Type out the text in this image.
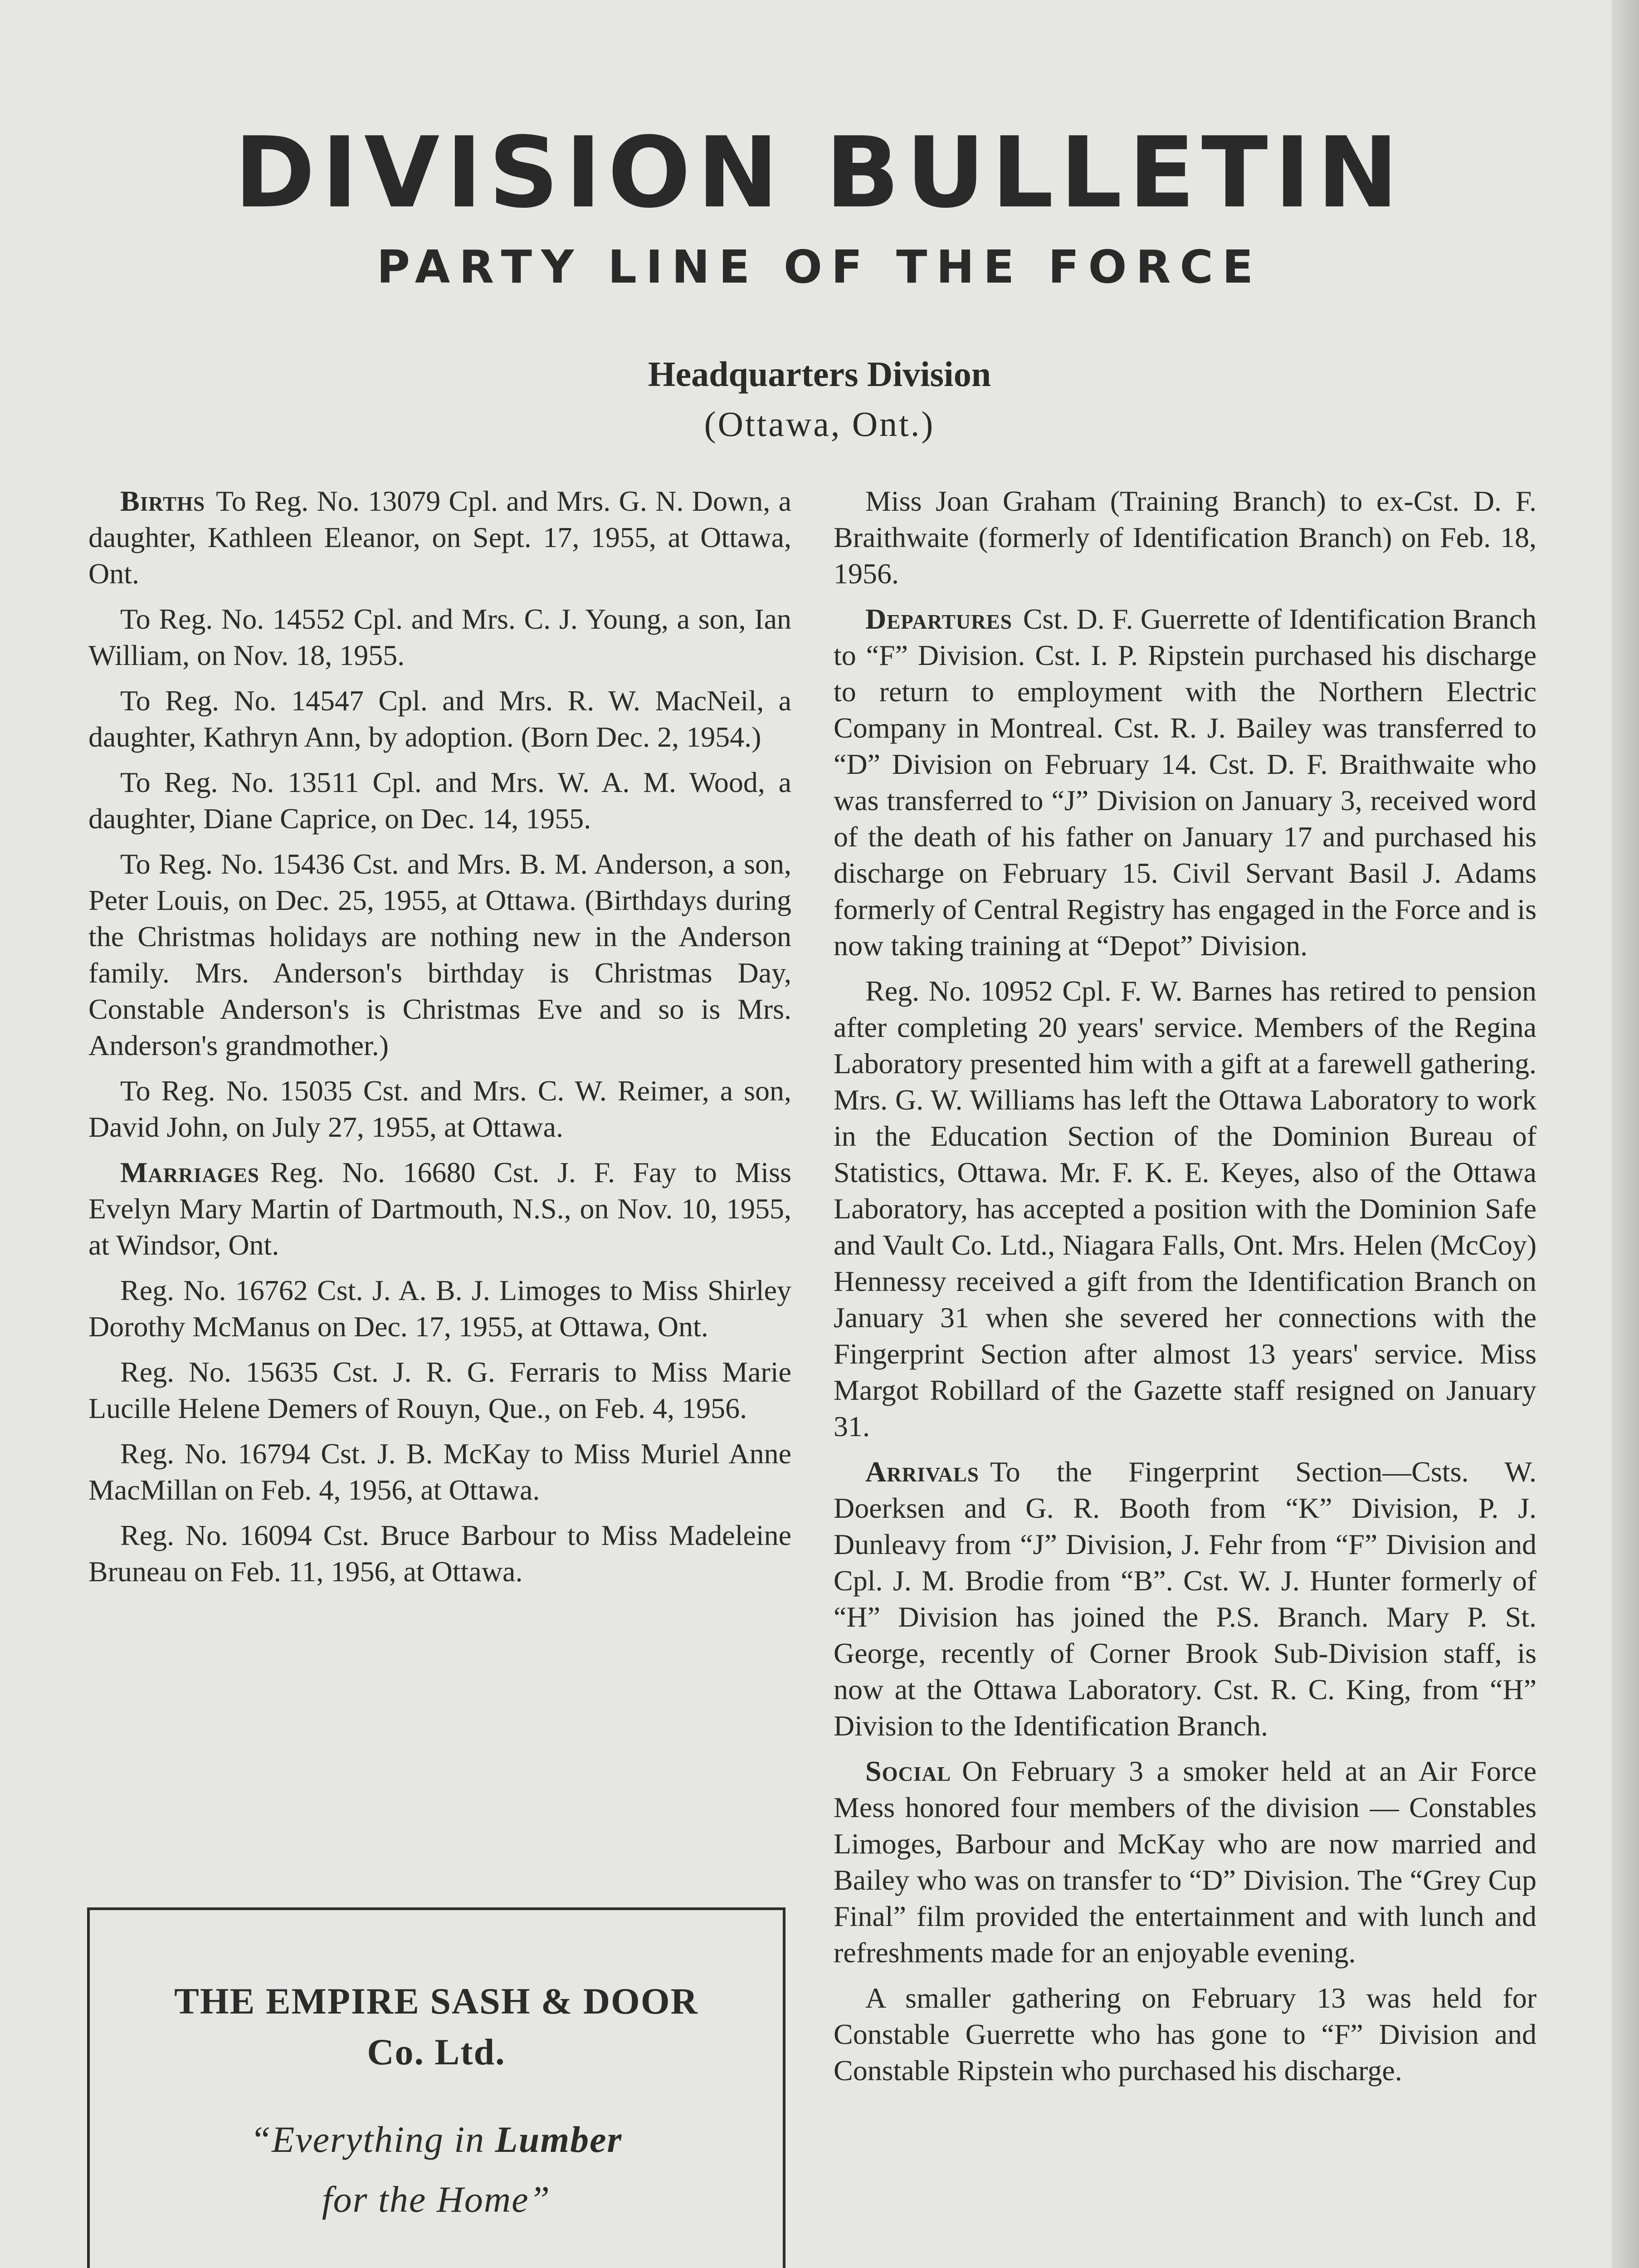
DIVISION BULLETIN
PARTY LINE OF THE FORCE
Headquarters Division
(Ottawa, Ont.)

Births To Reg. No. 13079 Cpl. and Mrs. G. N. Down, a daughter, Kathleen Eleanor, on Sept. 17, 1955, at Ottawa, Ont.

To Reg. No. 14552 Cpl. and Mrs. C. J. Young, a son, Ian William, on Nov. 18, 1955.

To Reg. No. 14547 Cpl. and Mrs. R. W. MacNeil, a daughter, Kathryn Ann, by adoption. (Born Dec. 2, 1954.)

To Reg. No. 13511 Cpl. and Mrs. W. A. M. Wood, a daughter, Diane Caprice, on Dec. 14, 1955.

To Reg. No. 15436 Cst. and Mrs. B. M. Anderson, a son, Peter Louis, on Dec. 25, 1955, at Ottawa. (Birthdays during the Christmas holidays are nothing new in the Anderson family. Mrs. Anderson's birthday is Christmas Day, Constable Anderson's is Christmas Eve and so is Mrs. Anderson's grandmother.)

To Reg. No. 15035 Cst. and Mrs. C. W. Reimer, a son, David John, on July 27, 1955, at Ottawa.

Marriages Reg. No. 16680 Cst. J. F. Fay to Miss Evelyn Mary Martin of Dartmouth, N.S., on Nov. 10, 1955, at Windsor, Ont.

Reg. No. 16762 Cst. J. A. B. J. Limoges to Miss Shirley Dorothy McManus on Dec. 17, 1955, at Ottawa, Ont.

Reg. No. 15635 Cst. J. R. G. Ferraris to Miss Marie Lucille Helene Demers of Rouyn, Que., on Feb. 4, 1956.

Reg. No. 16794 Cst. J. B. McKay to Miss Muriel Anne MacMillan on Feb. 4, 1956, at Ottawa.

Reg. No. 16094 Cst. Bruce Barbour to Miss Madeleine Bruneau on Feb. 11, 1956, at Ottawa.

THE EMPIRE SASH & DOOR
Co. Ltd.
“Everything in Lumber
for the Home”

Miss Joan Graham (Training Branch) to ex-Cst. D. F. Braithwaite (formerly of Identification Branch) on Feb. 18, 1956.

Departures Cst. D. F. Guerrette of Identification Branch to “F” Division. Cst. I. P. Ripstein purchased his discharge to return to employment with the Northern Electric Company in Montreal. Cst. R. J. Bailey was transferred to “D” Division on February 14. Cst. D. F. Braithwaite who was transferred to “J” Division on January 3, received word of the death of his father on January 17 and purchased his discharge on February 15. Civil Servant Basil J. Adams formerly of Central Registry has engaged in the Force and is now taking training at “Depot” Division.

Reg. No. 10952 Cpl. F. W. Barnes has retired to pension after completing 20 years' service. Members of the Regina Laboratory presented him with a gift at a farewell gathering. Mrs. G. W. Williams has left the Ottawa Laboratory to work in the Education Section of the Dominion Bureau of Statistics, Ottawa. Mr. F. K. E. Keyes, also of the Ottawa Laboratory, has accepted a position with the Dominion Safe and Vault Co. Ltd., Niagara Falls, Ont. Mrs. Helen (McCoy) Hennessy received a gift from the Identification Branch on January 31 when she severed her connections with the Fingerprint Section after almost 13 years' service. Miss Margot Robillard of the Gazette staff resigned on January 31.

Arrivals To the Fingerprint Section—Csts. W. Doerksen and G. R. Booth from “K” Division, P. J. Dunleavy from “J” Division, J. Fehr from “F” Division and Cpl. J. M. Brodie from “B”. Cst. W. J. Hunter formerly of “H” Division has joined the P.S. Branch. Mary P. St. George, recently of Corner Brook Sub-Division staff, is now at the Ottawa Laboratory. Cst. R. C. King, from “H” Division to the Identification Branch.

Social On February 3 a smoker held at an Air Force Mess honored four members of the division — Constables Limoges, Barbour and McKay who are now married and Bailey who was on transfer to “D” Division. The “Grey Cup Final” film provided the entertainment and with lunch and refreshments made for an enjoyable evening.

A smaller gathering on February 13 was held for Constable Guerrette who has gone to “F” Division and Constable Ripstein who purchased his discharge.
